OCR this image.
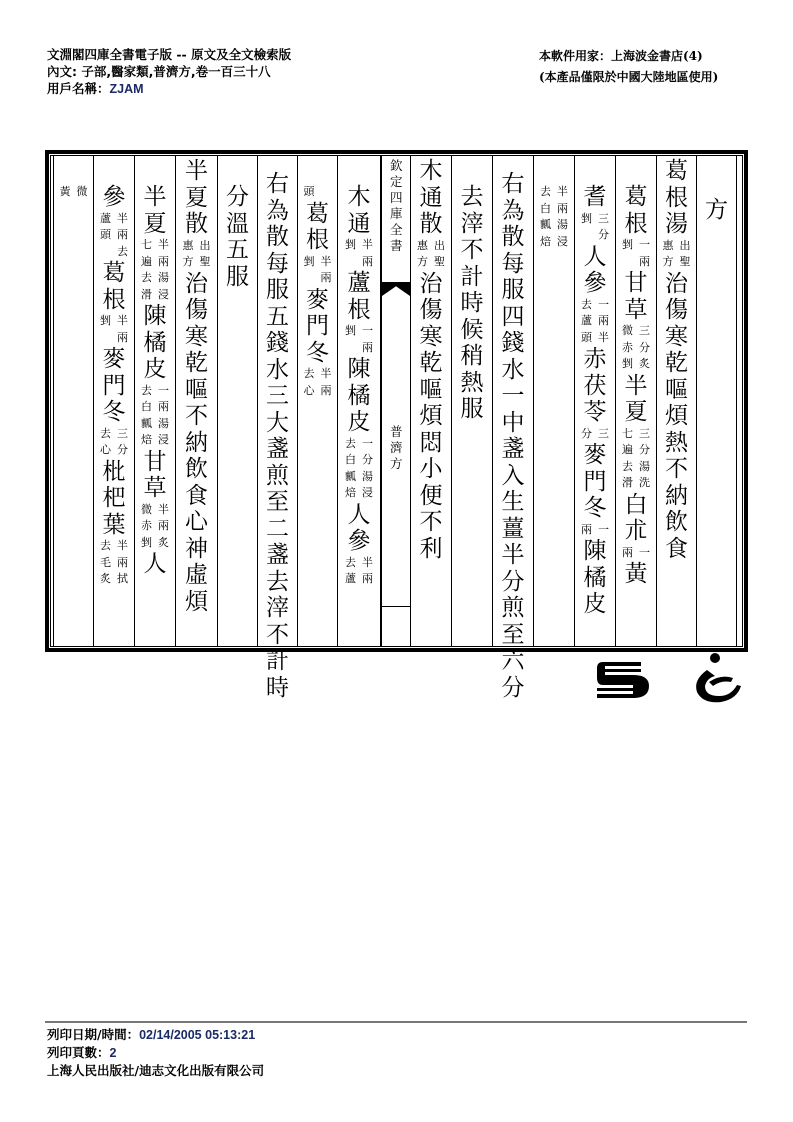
文淵閣四庫全書電子版 -- 原文及全文檢索版
內文: 子部,醫家類,普濟方,卷一百三十八
用戶名稱：ZJAM
本軟件用家：上海波金書店(4)
(本產品僅限於中國大陸地區使用)
方
葛
根
湯
出
聖
惠
方
治
傷
寒
乾
嘔
煩
熱
不
納
飲
食
葛
根
一
剉
兩
甘
草
三
分
炙
微
赤
剉
半
夏
三
分
湯
洗
七
遍
去
滑
白
朮
一
兩
黃
耆
三
分
剉
人
參
一
兩
半
去
蘆
頭
赤
茯
苓
三
分
麥
門
冬
一
兩
陳
橘
皮
半
兩
湯
浸
去
白
瓤
焙
右
為
散
每
服
四
錢
水
一
中
盞
入
生
薑
半
分
煎
至
六
分
去
滓
不
計
時
候
稍
熱
服
木
通
散
出
聖
惠
方
治
傷
寒
乾
嘔
煩
悶
小
便
不
利
木
通
半
兩
剉
蘆
根
一
兩
剉
陳
橘
皮
一
分
湯
浸
去
白
瓤
焙
人
參
半
兩
去
蘆
頭
葛
根
半
兩
剉
麥
門
冬
半
兩
去
心
右
為
散
每
服
五
錢
水
三
大
盞
煎
至
二
盞
去
滓
不
計
時
分
溫
五
服
半
夏
散
出
聖
惠
方
治
傷
寒
乾
嘔
不
納
飲
食
心
神
虛
煩
半
夏
半
兩
湯
浸
七
遍
去
滑
陳
橘
皮
一
兩
湯
浸
去
白
瓤
焙
甘
草
半
兩
炙
微
赤
剉
人
參
半
兩
去
蘆
頭
葛
根
半
兩
剉
麥
門
冬
三
分
去
心
枇
杷
葉
半
兩
拭
去
毛
炙
微
黃
欽
定
四
庫
全
書
普
濟
方
列印日期/時間：02/14/2005 05:13:21
列印頁數：2
上海人民出版社/迪志文化出版有限公司
